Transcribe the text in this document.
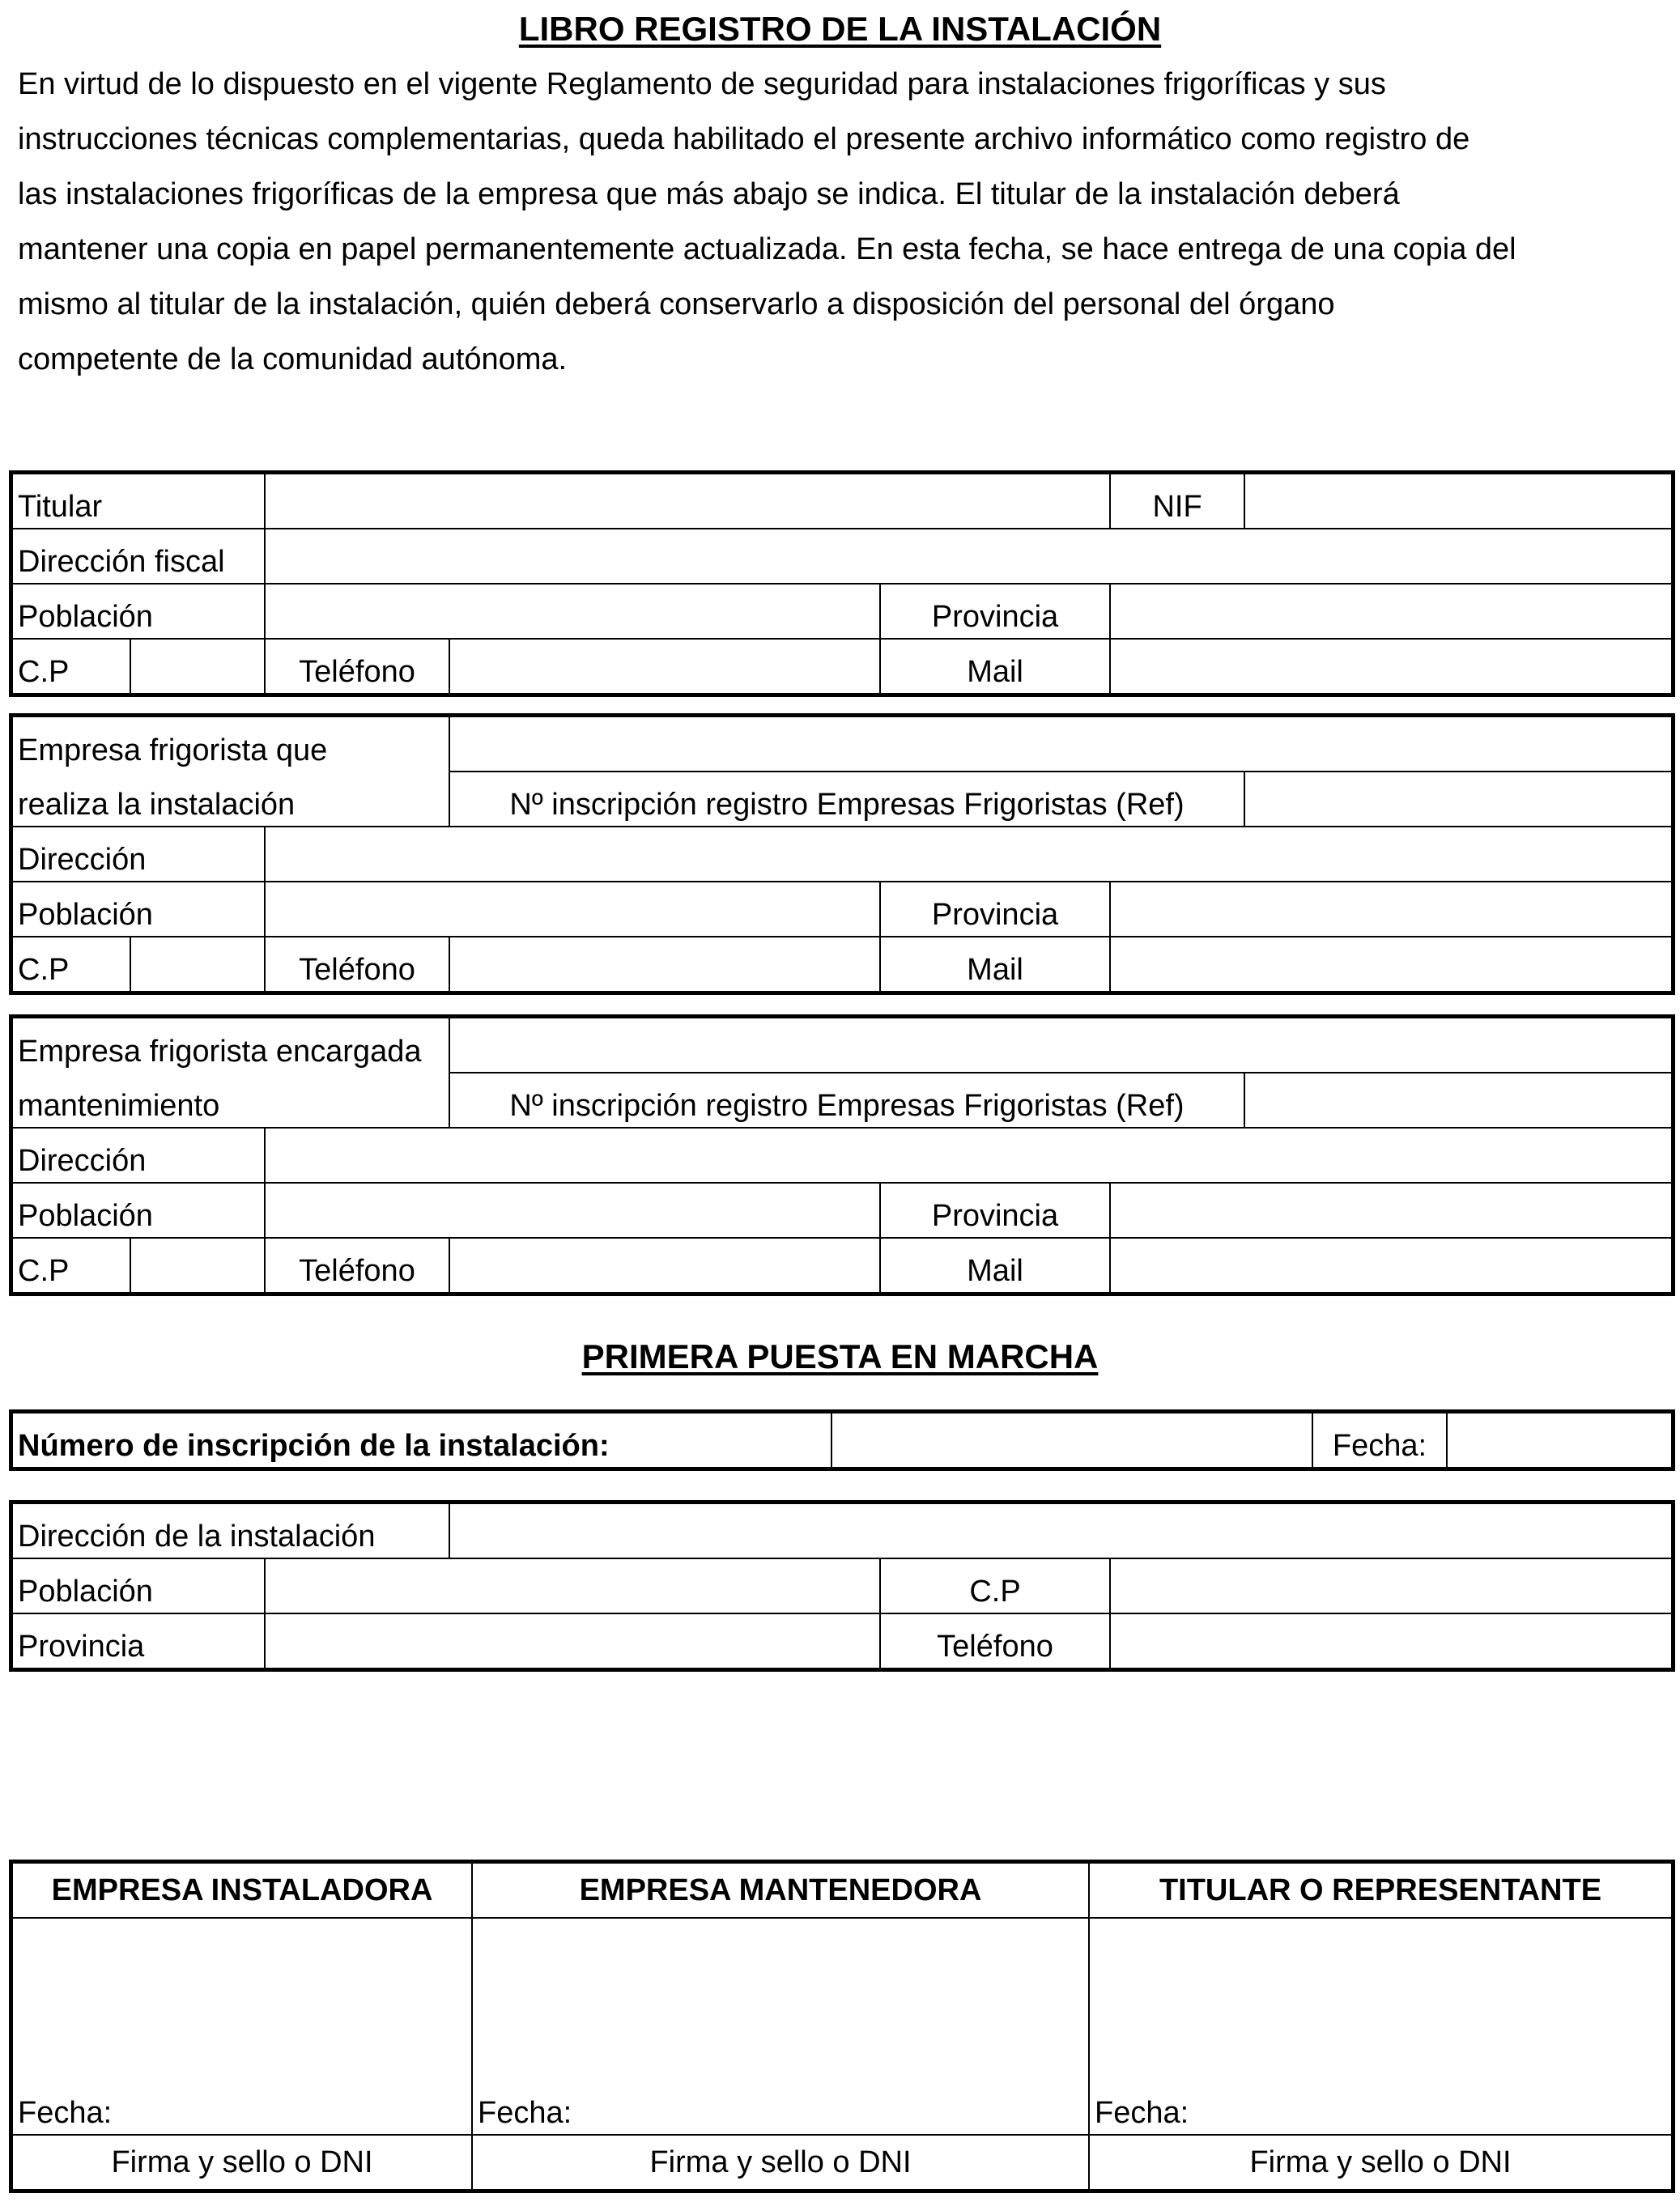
LIBRO REGISTRO DE LA INSTALACIÓN

En virtud de lo dispuesto en el vigente Reglamento de seguridad para instalaciones frigoríficas y sus

instrucciones técnicas complementarias, queda habilitado el presente archivo informático como registro de

las instalaciones frigoríficas de la empresa que más abajo se indica. El titular de la instalación deberá

mantener una copia en papel permanentemente actualizada. En esta fecha, se hace entrega de una copia del

mismo al titular de la instalación, quién deberá conservarlo a disposición del personal del órgano

competente de la comunidad autónoma.

Titular					NIF	
Dirección fiscal						
Población				Provincia		
C.P		Teléfono		Mail		
Empresa frigorista que						
realiza la instalación			Nº inscripción registro Empresas Frigoristas (Ref)			
Dirección						
Población				Provincia		
C.P		Teléfono		Mail		
Empresa frigorista encargada						
mantenimiento			Nº inscripción registro Empresas Frigoristas (Ref)			
Dirección						
Población				Provincia		
C.P		Teléfono		Mail		
PRIMERA PUESTA EN MARCHA
Número de inscripción de la instalación:		Fecha:	
Dirección de la instalación				
Población			C.P	
Provincia			Teléfono	
EMPRESA INSTALADORA	EMPRESA MANTENEDORA	TITULAR O REPRESENTANTE

Fecha:	Fecha:	Fecha:
Firma y sello o DNI	Firma y sello o DNI	Firma y sello o DNI
